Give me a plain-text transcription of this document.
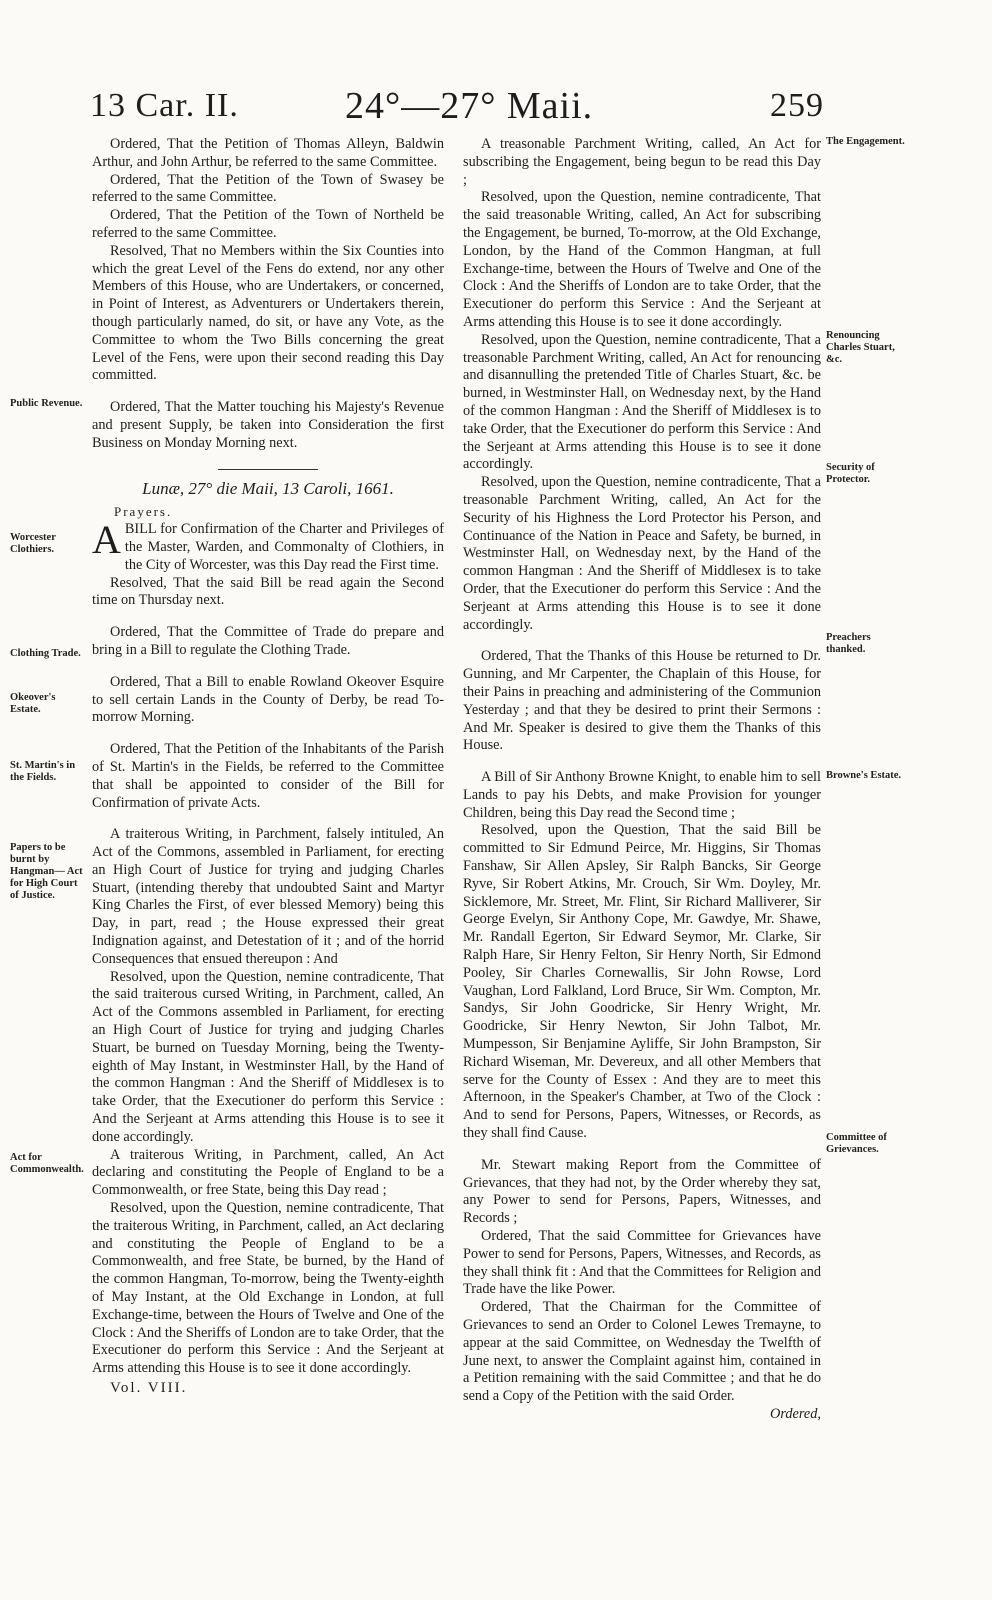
13 Car. II.	24°—27° Maii.	259
Public Revenue.
Worcester Clothiers.
Clothing Trade.
Okeover's Estate.
St. Martin's in the Fields.
Papers to be burnt by Hangman— Act for High Court of Justice.
Act for Commonwealth.
The Engagement.
Renouncing Charles Stuart, &c.
Security of Protector.
Preachers thanked.
Browne's Estate.
Committee of Grievances.

Ordered, That the Petition of Thomas Alleyn, Baldwin Arthur, and John Arthur, be referred to the same Committee.

Ordered, That the Petition of the Town of Swasey be referred to the same Committee.

Ordered, That the Petition of the Town of Northeld be referred to the same Committee.

Resolved, That no Members within the Six Counties into which the great Level of the Fens do extend, nor any other Members of this House, who are Undertakers, or concerned, in Point of Interest, as Adventurers or Undertakers therein, though particularly named, do sit, or have any Vote, as the Committee to whom the Two Bills concerning the great Level of the Fens, were upon their second reading this Day committed.

Ordered, That the Matter touching his Majesty's Revenue and present Supply, be taken into Consideration the first Business on Monday Morning next.

Lunæ, 27° die Maii, 13 Caroli, 1661.
Prayers.

ABILL for Confirmation of the Charter and Privileges of the Master, Warden, and Commonalty of Clothiers, in the City of Worcester, was this Day read the First time.

Resolved, That the said Bill be read again the Second time on Thursday next.

Ordered, That the Committee of Trade do prepare and bring in a Bill to regulate the Clothing Trade.

Ordered, That a Bill to enable Rowland Okeover Esquire to sell certain Lands in the County of Derby, be read To-morrow Morning.

Ordered, That the Petition of the Inhabitants of the Parish of St. Martin's in the Fields, be referred to the Committee that shall be appointed to consider of the Bill for Confirmation of private Acts.

A traiterous Writing, in Parchment, falsely intituled, An Act of the Commons, assembled in Parliament, for erecting an High Court of Justice for trying and judging Charles Stuart, (intending thereby that undoubted Saint and Martyr King Charles the First, of ever blessed Memory) being this Day, in part, read ; the House expressed their great Indignation against, and Detestation of it ; and of the horrid Consequences that ensued thereupon : And

Resolved, upon the Question, nemine contradicente, That the said traiterous cursed Writing, in Parchment, called, An Act of the Commons assembled in Parliament, for erecting an High Court of Justice for trying and judging Charles Stuart, be burned on Tuesday Morning, being the Twenty-eighth of May Instant, in Westminster Hall, by the Hand of the common Hangman : And the Sheriff of Middlesex is to take Order, that the Executioner do perform this Service : And the Serjeant at Arms attending this House is to see it done accordingly.

A traiterous Writing, in Parchment, called, An Act declaring and constituting the People of England to be a Commonwealth, or free State, being this Day read ;

Resolved, upon the Question, nemine contradicente, That the traiterous Writing, in Parchment, called, an Act declaring and constituting the People of England to be a Commonwealth, and free State, be burned, by the Hand of the common Hangman, To-morrow, being the Twenty-eighth of May Instant, at the Old Exchange in London, at full Exchange-time, between the Hours of Twelve and One of the Clock : And the Sheriffs of London are to take Order, that the Executioner do perform this Service : And the Serjeant at Arms attending this House is to see it done accordingly.

Vol. VIII.

A treasonable Parchment Writing, called, An Act for subscribing the Engagement, being begun to be read this Day ;

Resolved, upon the Question, nemine contradicente, That the said treasonable Writing, called, An Act for subscribing the Engagement, be burned, To-morrow, at the Old Exchange, London, by the Hand of the Common Hangman, at full Exchange-time, between the Hours of Twelve and One of the Clock : And the Sheriffs of London are to take Order, that the Executioner do perform this Service : And the Serjeant at Arms attending this House is to see it done accordingly.

Resolved, upon the Question, nemine contradicente, That a treasonable Parchment Writing, called, An Act for renouncing and disannulling the pretended Title of Charles Stuart, &c. be burned, in Westminster Hall, on Wednesday next, by the Hand of the common Hangman : And the Sheriff of Middlesex is to take Order, that the Executioner do perform this Service : And the Serjeant at Arms attending this House is to see it done accordingly.

Resolved, upon the Question, nemine contradicente, That a treasonable Parchment Writing, called, An Act for the Security of his Highness the Lord Protector his Person, and Continuance of the Nation in Peace and Safety, be burned, in Westminster Hall, on Wednesday next, by the Hand of the common Hangman : And the Sheriff of Middlesex is to take Order, that the Executioner do perform this Service : And the Serjeant at Arms attending this House is to see it done accordingly.

Ordered, That the Thanks of this House be returned to Dr. Gunning, and Mr Carpenter, the Chaplain of this House, for their Pains in preaching and administering of the Communion Yesterday ; and that they be desired to print their Sermons : And Mr. Speaker is desired to give them the Thanks of this House.

A Bill of Sir Anthony Browne Knight, to enable him to sell Lands to pay his Debts, and make Provision for younger Children, being this Day read the Second time ;

Resolved, upon the Question, That the said Bill be committed to Sir Edmund Peirce, Mr. Higgins, Sir Thomas Fanshaw, Sir Allen Apsley, Sir Ralph Bancks, Sir George Ryve, Sir Robert Atkins, Mr. Crouch, Sir Wm. Doyley, Mr. Sicklemore, Mr. Street, Mr. Flint, Sir Richard Malliverer, Sir George Evelyn, Sir Anthony Cope, Mr. Gawdye, Mr. Shawe, Mr. Randall Egerton, Sir Edward Seymor, Mr. Clarke, Sir Ralph Hare, Sir Henry Felton, Sir Henry North, Sir Edmond Pooley, Sir Charles Cornewallis, Sir John Rowse, Lord Vaughan, Lord Falkland, Lord Bruce, Sir Wm. Compton, Mr. Sandys, Sir John Goodricke, Sir Henry Wright, Mr. Goodricke, Sir Henry Newton, Sir John Talbot, Mr. Mumpesson, Sir Benjamine Ayliffe, Sir John Brampston, Sir Richard Wiseman, Mr. Devereux, and all other Members that serve for the County of Essex : And they are to meet this Afternoon, in the Speaker's Chamber, at Two of the Clock : And to send for Persons, Papers, Witnesses, or Records, as they shall find Cause.

Mr. Stewart making Report from the Committee of Grievances, that they had not, by the Order whereby they sat, any Power to send for Persons, Papers, Witnesses, and Records ;

Ordered, That the said Committee for Grievances have Power to send for Persons, Papers, Witnesses, and Records, as they shall think fit : And that the Committees for Religion and Trade have the like Power.

Ordered, That the Chairman for the Committee of Grievances to send an Order to Colonel Lewes Tremayne, to appear at the said Committee, on Wednesday the Twelfth of June next, to answer the Complaint against him, contained in a Petition remaining with the said Committee ; and that he do send a Copy of the Petition with the said Order.

Ordered,
